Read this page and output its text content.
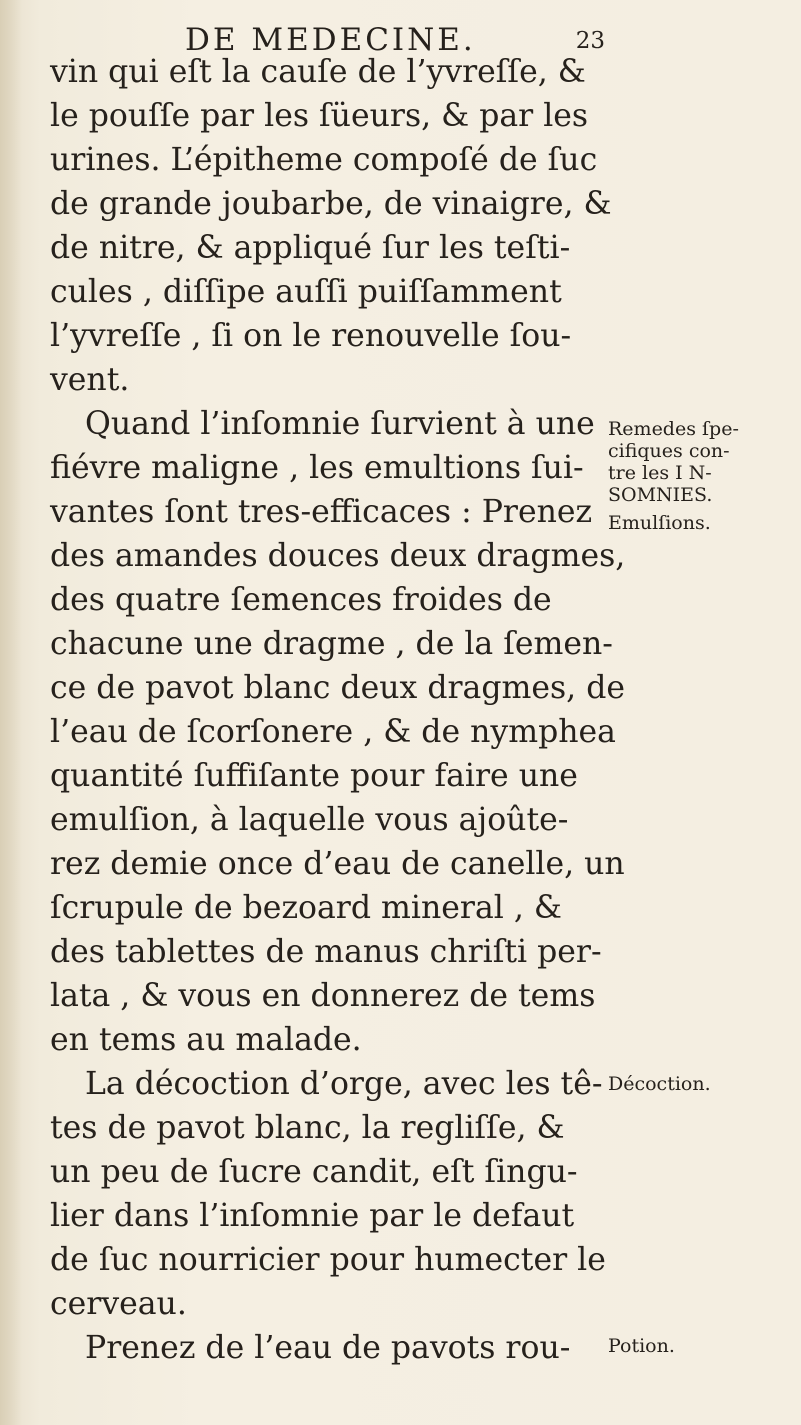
DE MEDECINE.	23
vin qui eſt la cauſe de l’yvreſſe, &
le pouſſe par les ſüeurs, & par les
urines. L’épitheme compoſé de ſuc
de grande joubarbe, de vinaigre, &
de nitre, & appliqué ſur les teſti-
cules , diſſipe auſſi puiſſamment
l’yvreſſe , ſi on le renouvelle ſou-
vent.
Quand l’inſomnie ſurvient à une
fiévre maligne , les emultions ſui-
vantes ſont tres-efficaces : Prenez
des amandes douces deux dragmes,
des quatre ſemences froides de
chacune une dragme , de la ſemen-
ce de pavot blanc deux dragmes, de
l’eau de ſcorſonere , & de nymphea
quantité ſuffiſante pour faire une
emulſion, à laquelle vous ajoûte-
rez demie once d’eau de canelle, un
ſcrupule de bezoard mineral , &
des tablettes de manus chriſti per-
lata , & vous en donnerez de tems
en tems au malade.
La décoction d’orge, avec les tê-
tes de pavot blanc, la regliſſe, &
un peu de ſucre candit, eſt ſingu-
lier dans l’inſomnie par le defaut
de ſuc nourricier pour humecter le
cerveau.
Prenez de l’eau de pavots rou-
Remedes ſpe-
cifiques con-
tre les I N-
SOMNIES.
Emulſions.
Décoction.
Potion.
